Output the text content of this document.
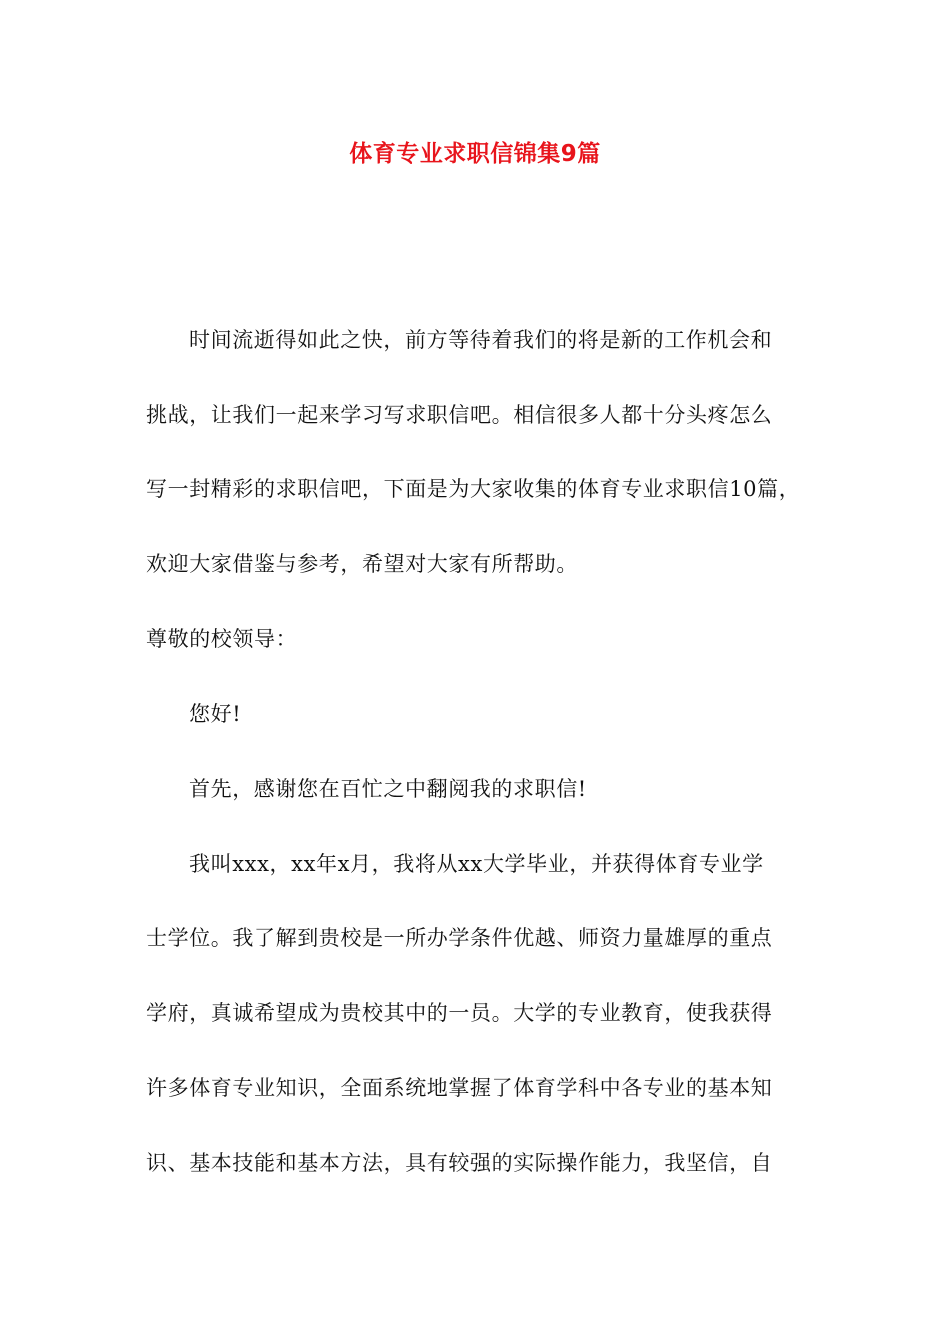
体育专业求职信锦集9篇
时间流逝得如此之快，前方等待着我们的将是新的工作机会和
挑战，让我们一起来学习写求职信吧。相信很多人都十分头疼怎么
写一封精彩的求职信吧，下面是为大家收集的体育专业求职信10篇，
欢迎大家借鉴与参考，希望对大家有所帮助。
尊敬的校领导：
您好!
首先，感谢您在百忙之中翻阅我的求职信!
我叫xxx，xx年x月，我将从xx大学毕业，并获得体育专业学
士学位。我了解到贵校是一所办学条件优越、师资力量雄厚的重点
学府，真诚希望成为贵校其中的一员。大学的专业教育，使我获得
许多体育专业知识，全面系统地掌握了体育学科中各专业的基本知
识、基本技能和基本方法，具有较强的实际操作能力，我坚信，自
